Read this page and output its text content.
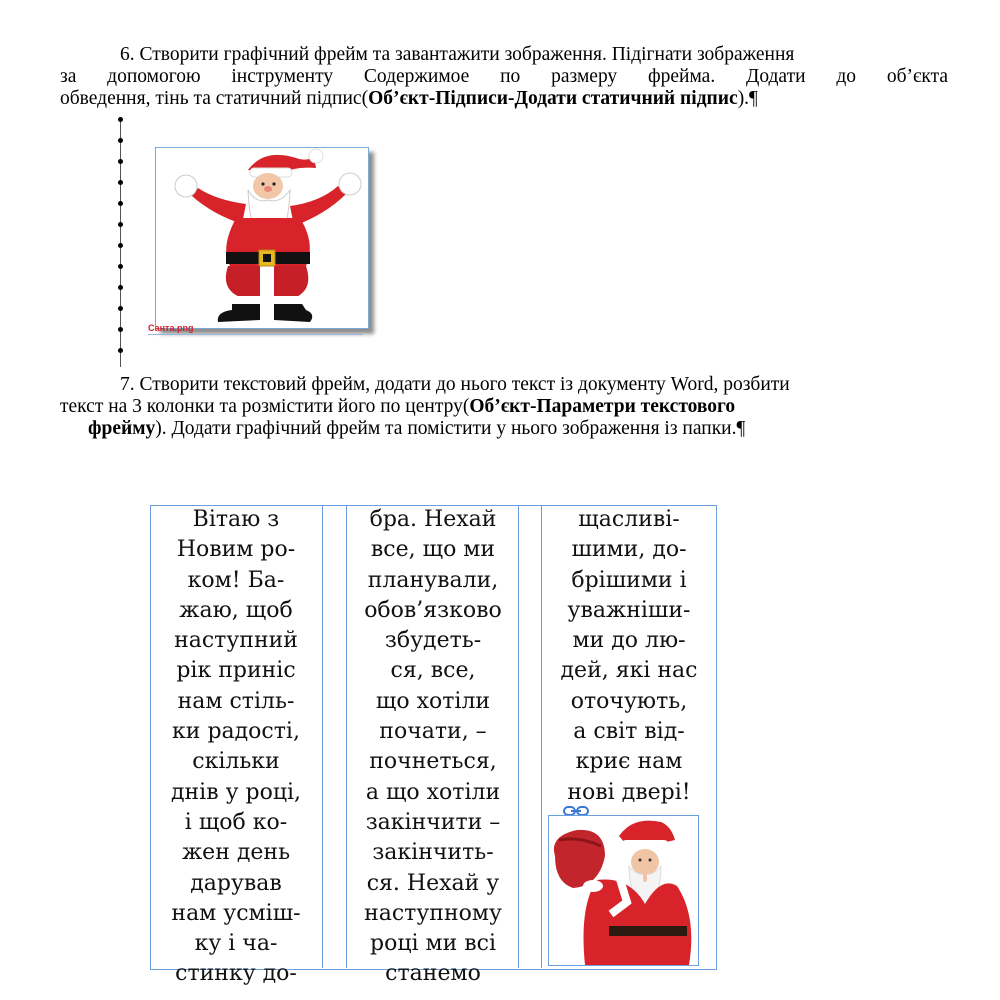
6. Створити графічний фрейм та завантажити зображення. Підігнати зображення
за допомогою інструменту Содержимое по размеру фрейма. Додати до об’єкта
обведення, тінь та статичний підпис(Об’єкт-Підписи-Додати статичний підпис).¶
Санта.png
7. Створити текстовий фрейм, додати до нього текст із документу Word, розбити
текст на 3 колонки та розмістити його по центру(Об’єкт-Параметри текстового
фрейму). Додати графічний фрейм та помістити у нього зображення із папки.¶
Вітаю з
Новим ро-
ком! Ба-
жаю, щоб
наступний
рік приніс
нам стіль-
ки радості,
скільки
днів у році,
і щоб ко-
жен день
дарував
нам усміш-
ку і ча-
стинку до-
бра. Нехай
все, що ми
планували,
обов’язково
збудеть-
ся, все,
що хотіли
почати, –
почнеться,
а що хотіли
закінчити –
закінчить-
ся. Нехай у
наступному
році ми всі
станемо
щасливі-
шими, до-
брішими і
уважніши-
ми до лю-
дей, які нас
оточують,
а світ від-
криє нам
нові двері!
